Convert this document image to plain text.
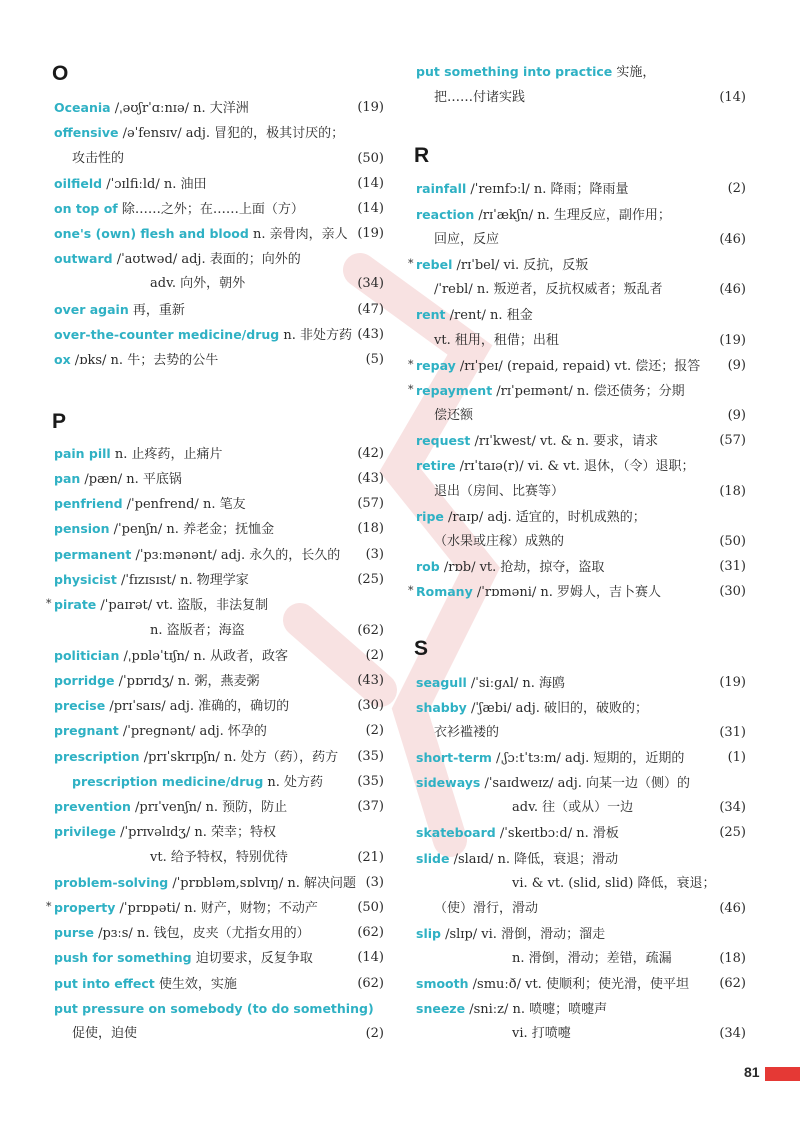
O
Oceania /ˌəʊʃrˈɑːnɪə/ n. 大洋洲	(19)
offensive /əˈfensɪv/ adj. 冒犯的，极其讨厌的；
攻击性的	(50)
oilfield /ˈɔɪlfiːld/ n. 油田	(14)
on top of 除……之外；在……上面（方）	(14)
one's (own) flesh and blood n. 亲骨肉，亲人 (19)
outward /ˈaʊtwəd/ adj. 表面的；向外的
adv. 向外，朝外	(34)
over again 再，重新	(47)
over-the-counter medicine/drug n. 非处方药 (43)
ox /ɒks/ n. 牛；去势的公牛	(5)
P
pain pill n. 止疼药，止痛片	(42)
pan /pæn/ n. 平底锅	(43)
penfriend /ˈpenfrend/ n. 笔友	(57)
pension /ˈpenʃn/ n. 养老金；抚恤金	(18)
permanent /ˈpɜːmənənt/ adj. 永久的，长久的 (3)
physicist /ˈfɪzɪsɪst/ n. 物理学家	(25)
* pirate /ˈpaɪrət/ vt. 盗版，非法复制
n. 盗版者；海盗	(62)
politician /ˌpɒləˈtɪʃn/ n. 从政者，政客	(2)
porridge /ˈpɒrɪdʒ/ n. 粥，燕麦粥	(43)
precise /prɪˈsaɪs/ adj. 准确的，确切的	(30)
pregnant /ˈpregnənt/ adj. 怀孕的	(2)
prescription /prɪˈskrɪpʃn/ n. 处方（药），药方 (35)
prescription medicine/drug n. 处方药	(35)
prevention /prɪˈvenʃn/ n. 预防，防止	(37)
privilege /ˈprɪvəlɪdʒ/ n. 荣幸；特权
vt. 给予特权，特别优待	(21)
problem-solving /ˈprɒbləm,sɒlvɪŋ/ n. 解决问题 (3)
* property /ˈprɒpəti/ n. 财产，财物；不动产	(50)
purse /pɜːs/ n. 钱包，皮夹（尤指女用的）	(62)
push for something 迫切要求，反复争取	(14)
put into effect 使生效，实施	(62)
put pressure on somebody (to do something)
促使，迫使	(2)
put something into practice 实施，
把……付诸实践	(14)
R
rainfall /ˈreɪnfɔːl/ n. 降雨；降雨量	(2)
reaction /rɪˈækʃn/ n. 生理反应，副作用；
回应，反应	(46)
* rebel /rɪˈbel/ vi. 反抗，反叛
/ˈrebl/ n. 叛逆者，反抗权威者；叛乱者	(46)
rent /rent/ n. 租金
vt. 租用，租借；出租	(19)
* repay /rɪˈpeɪ/ (repaid, repaid) vt. 偿还；报答 (9)
* repayment /rɪˈpeɪmənt/ n. 偿还债务；分期
偿还额	(9)
request /rɪˈkwest/ vt. & n. 要求，请求	(57)
retire /rɪˈtaɪə(r)/ vi. & vt. 退休，（令）退职；
退出（房间、比赛等）	(18)
ripe /raɪp/ adj. 适宜的，时机成熟的；
（水果或庄稼）成熟的	(50)
rob /rɒb/ vt. 抢劫，掠夺，盗取	(31)
* Romany /ˈrɒməni/ n. 罗姆人，吉卜赛人	(30)
S
seagull /ˈsiːgʌl/ n. 海鸥	(19)
shabby /ˈʃæbi/ adj. 破旧的，破败的；
衣衫褴褛的	(31)
short-term /ˌʃɔːtˈtɜːm/ adj. 短期的，近期的	(1)
sideways /ˈsaɪdweɪz/ adj. 向某一边（侧）的
adv. 往（或从）一边	(34)
skateboard /ˈskeɪtbɔːd/ n. 滑板	(25)
slide /slaɪd/ n. 降低，衰退；滑动
vi. & vt. (slid, slid) 降低，衰退；
（使）滑行，滑动	(46)
slip /slɪp/ vi. 滑倒，滑动；溜走
n. 滑倒，滑动；差错，疏漏	(18)
smooth /smuːð/ vt. 使顺利；使光滑，使平坦 (62)
sneeze /sniːz/ n. 喷嚏；喷嚏声
vi. 打喷嚏	(34)
81
